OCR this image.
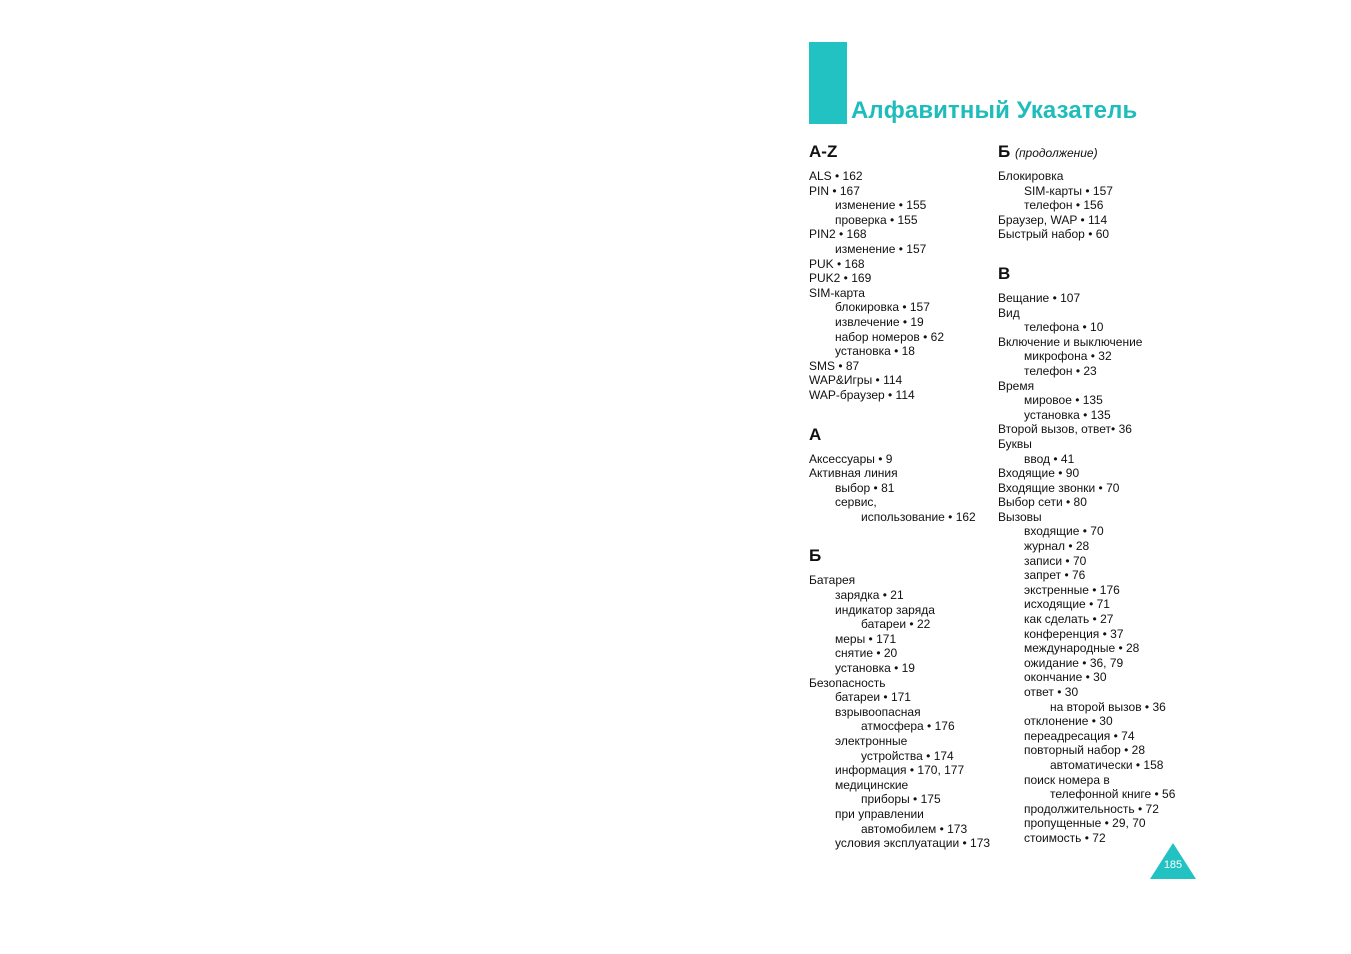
Алфавитный Указатель
A-Z
ALS • 162
PIN • 167
изменение • 155
проверка • 155
PIN2 • 168
изменение • 157
PUK • 168
PUK2 • 169
SIM-карта
блокировка • 157
извлечение • 19
набор номеров • 62
установка • 18
SMS • 87
WAP&Игры • 114
WAP-браузер • 114
А
Аксессуары • 9
Активная линия
выбор • 81
сервис,
использование • 162
Б
Батарея
зарядка • 21
индикатор заряда
батареи • 22
меры • 171
снятие • 20
установка • 19
Безопасность
батареи • 171
взрывоопасная
атмосфера • 176
электронные
устройства • 174
информация • 170, 177
медицинские
приборы • 175
при управлении
автомобилем • 173
условия эксплуатации • 173
Б (продолжение)
Блокировка
SIM-карты • 157
телефон • 156
Браузер, WAP • 114
Быстрый набор • 60
В
Вещание • 107
Вид
телефона • 10
Включение и выключение
микрофона • 32
телефон • 23
Время
мировое • 135
установка • 135
Второй вызов, ответ• 36
Буквы
ввод • 41
Входящие • 90
Входящие звонки • 70
Выбор сети • 80
Вызовы
входящие • 70
журнал • 28
записи • 70
запрет • 76
экстренные • 176
исходящие • 71
как сделать • 27
конференция • 37
международные • 28
ожидание • 36, 79
окончание • 30
ответ • 30
на второй вызов • 36
отклонение • 30
переадресация • 74
повторный набор • 28
автоматически • 158
поиск номера в
телефонной книге • 56
продолжительность • 72
пропущенные • 29, 70
стоимость • 72
185
